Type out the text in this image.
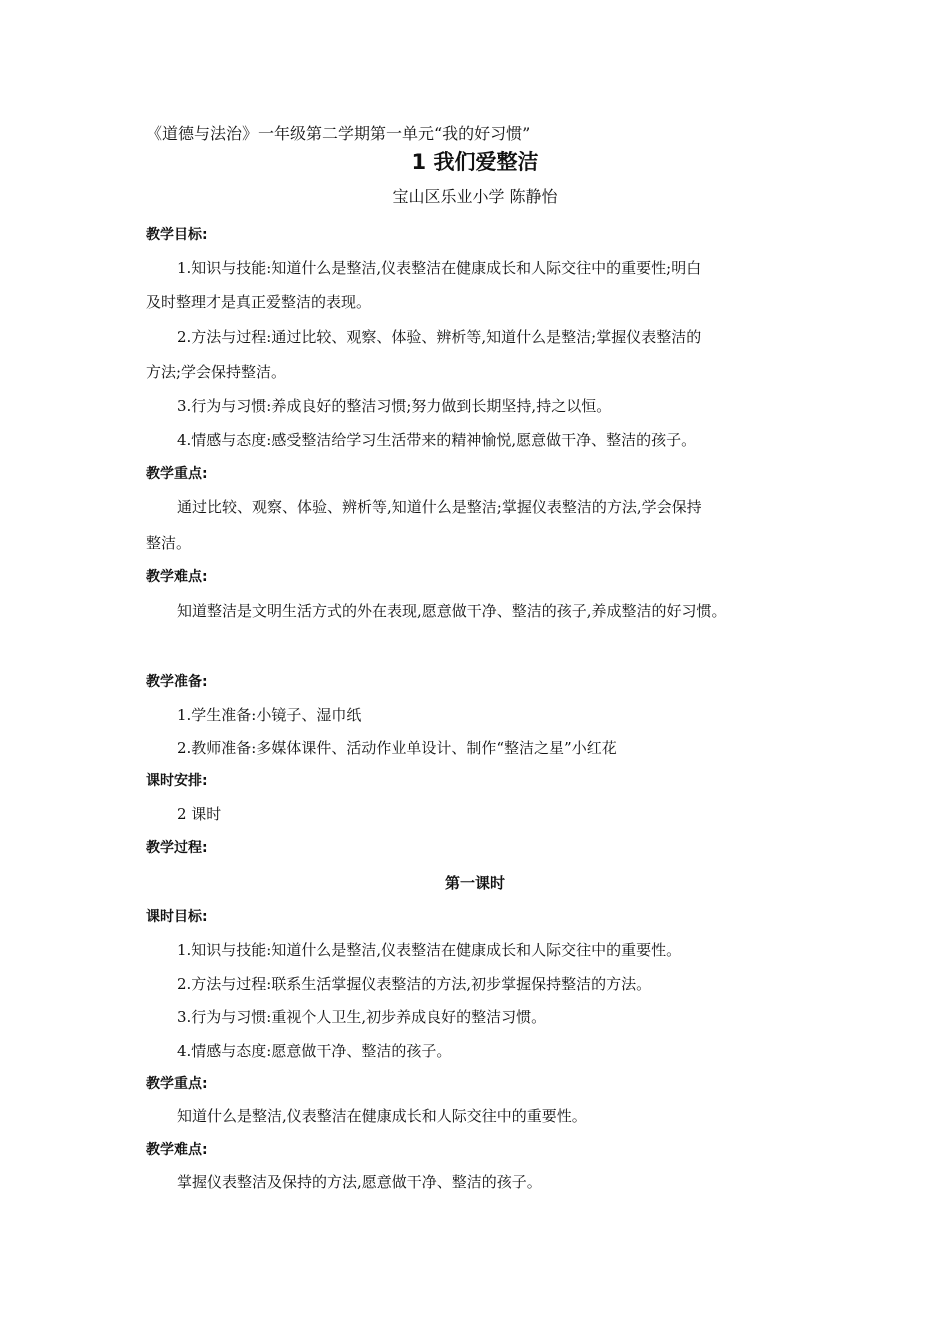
《道德与法治》一年级第二学期第一单元“我的好习惯”
1 我们爱整洁
宝山区乐业小学 陈静怡
教学目标:
1.知识与技能:知道什么是整洁,仪表整洁在健康成长和人际交往中的重要性;明白
及时整理才是真正爱整洁的表现。
2.方法与过程:通过比较、观察、体验、辨析等,知道什么是整洁;掌握仪表整洁的
方法;学会保持整洁。
3.行为与习惯:养成良好的整洁习惯;努力做到长期坚持,持之以恒。
4.情感与态度:感受整洁给学习生活带来的精神愉悦,愿意做干净、整洁的孩子。
教学重点:
通过比较、观察、体验、辨析等,知道什么是整洁;掌握仪表整洁的方法,学会保持
整洁。
教学难点:
知道整洁是文明生活方式的外在表现,愿意做干净、整洁的孩子,养成整洁的好习惯。
教学准备:
1.学生准备:小镜子、湿巾纸
2.教师准备:多媒体课件、活动作业单设计、制作“整洁之星”小红花
课时安排:
2 课时
教学过程:
第一课时
课时目标:
1.知识与技能:知道什么是整洁,仪表整洁在健康成长和人际交往中的重要性。
2.方法与过程:联系生活掌握仪表整洁的方法,初步掌握保持整洁的方法。
3.行为与习惯:重视个人卫生,初步养成良好的整洁习惯。
4.情感与态度:愿意做干净、整洁的孩子。
教学重点:
知道什么是整洁,仪表整洁在健康成长和人际交往中的重要性。
教学难点:
掌握仪表整洁及保持的方法,愿意做干净、整洁的孩子。
